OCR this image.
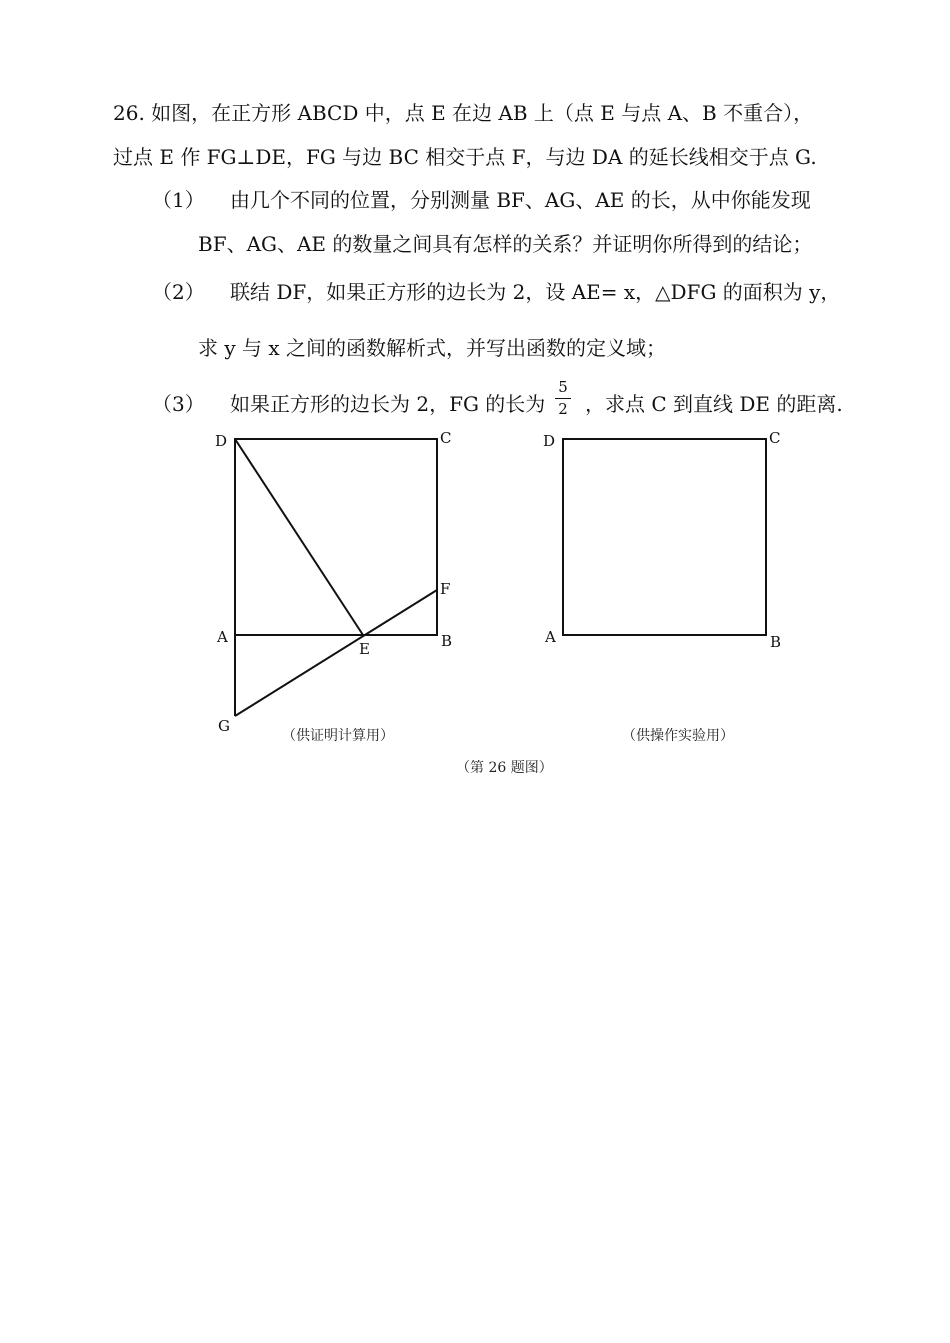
26. 如图，在正方形 ABCD 中，点 E 在边 AB 上（点 E 与点 A、B 不重合），
过点 E 作 FG⊥DE，FG 与边 BC 相交于点 F，与边 DA 的延长线相交于点 G.
（1） 由几个不同的位置，分别测量 BF、AG、AE 的长，从中你能发现
BF、AG、AE 的数量之间具有怎样的关系？并证明你所得到的结论；
（2） 联结 DF，如果正方形的边长为 2，设 AE= x，△DFG 的面积为 y，
求 y 与 x 之间的函数解析式，并写出函数的定义域；
（3） 如果正方形的边长为 2，FG 的长为
5
2 ，求点 C 到直线 DE 的距离.
D	C
A	B
E
F
G
（供证明计算用）
D	C
A	B
（供操作实验用）
（第 26 题图）
